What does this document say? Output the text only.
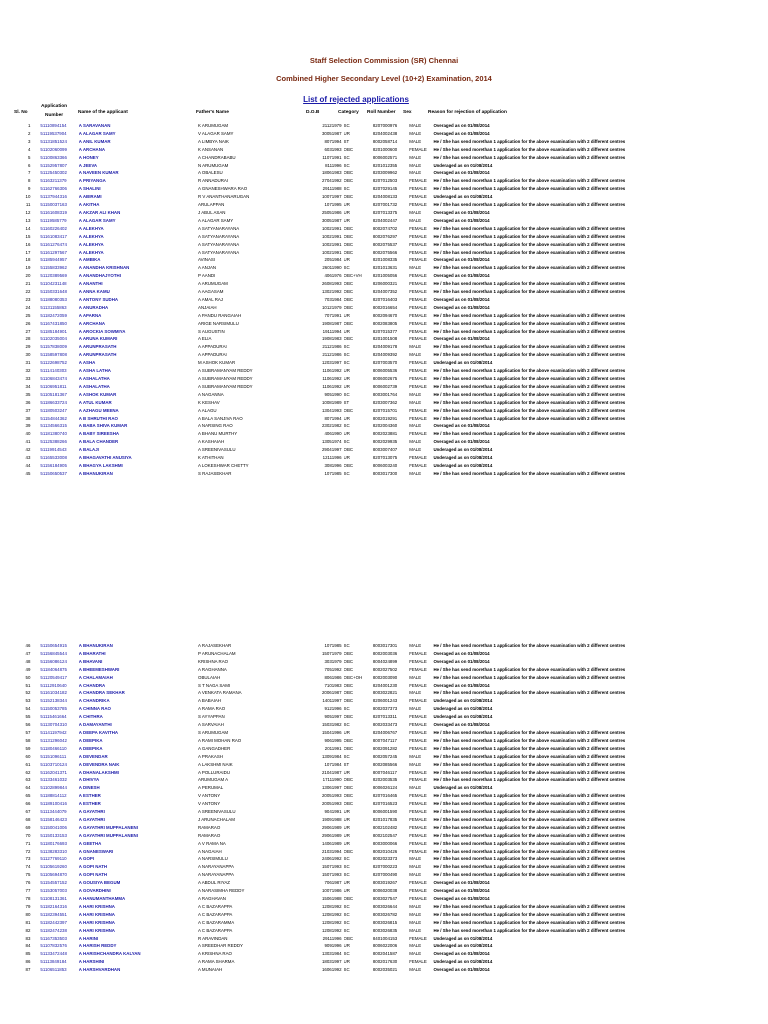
Staff Selection Commission (SR) Chennai
Combined Higher Secondary Level (10+2) Examination, 2014
List of rejected applications
Sl. No
Application
Number
Name of the applicant	Father's Name	D.O.B	Category Roll Number Sex	Reason for rejection of application
1	51110894154	A SARAVANAN	K ARUMUGAM	21121979	SC	8207000976	MALE	Overaged as on 01/08/2014
2	51119537904	A ALAGAR SAMY	V ALAGAR SAMY	30051987	UR	8204002438	MALE	Overaged as on 01/08/2014
3	51131851524	A ANIL KUMAR	A LIMBYA NAIK	8071994	ST	8002058714	MALE	He / She has send morethan 1 application for the above examination with 2 different centres
4	51102060099	A ARCHANA	K ANSANAN	6031993	OBC	8201000600	FEMALE	He / She has send morethan 1 application for the above examination with 2 different centres
5	51100863366	A HONEY	A CHANDRABABU	11071991	SC	8006002571	MALE	He / She has send morethan 1 application for the above examination with 2 different centres
6	51152957807	A JEEVA	N ARUMUGAM	8111996	SC	8201012355	MALE	Underaged as on 01/08/2014
7	51125450302	A NAVEEN KUMAR	A OBALESU	18061983	OBC	8203009962	MALE	Overaged as on 01/08/2014
8	51163211379	A PRIYANGA	R ANNADURAI	27041992	OBC	8207012503	FEMALE	He / She has send morethan 1 application for the above examination with 2 different centres
9	51162766306	A SHALINI	A GNANESHWARA RAO	29111988	SC	8207029145	FEMALE	He / She has send morethan 1 application for the above examination with 2 different centres
10	51137944316	A ABIRAMI	R V ANANTHANARUGAN	10071997	OBC	8204008133	FEMALE	Underaged as on 01/08/2014
11	51150037163	A AKITHA	ARULAPPAN	1071995	UR	8207001732	FEMALE	He / She has send morethan 1 application for the above examination with 2 different centres
12	51161608319	A AKZAR ALI KHAN	J ABUL ASAN	25051986	UR	8207013375	MALE	Overaged as on 01/08/2014
13	51119585779	A ALAGAR SAMY	A ALAGAR SAMY	30051987	UR	8204002447	MALE	Overaged as on 01/08/2014
14	51160226402	A ALEKHYA	A SATYANARAYANA	10021991	OBC	8002074702	FEMALE	He / She has send morethan 1 application for the above examination with 2 different centres
15	51161083417	A ALEKHYA	A SATYANARAYANA	10021991	OBC	8002076297	FEMALE	He / She has send morethan 1 application for the above examination with 2 different centres
16	51161276474	A ALEKHYA	A SATYANARAYANA	10021991	OBC	8002075537	FEMALE	He / She has send morethan 1 application for the above examination with 2 different centres
17	51161297567	A ALEKHYA	A SATYANARAYANA	10021991	OBC	8002075566	FEMALE	He / She has send morethan 1 application for the above examination with 2 different centres
18	51185944957	A AMBIKA	AVINASI	2051984	UR	8201008335	FEMALE	Overaged as on 01/08/2014
19	51155833962	A ANANDHA KRISHNAN	A ANJAN	26011990	SC	8201013631	MALE	He / She has send morethan 1 application for the above examination with 2 different centres
20	51120389569	A ANANDHAJYOTHI	P AANDI	4061976	OBC+VH	8201005056	FEMALE	Overaged as on 01/08/2014
21	51104231148	A ANANTHI	A ARUMUGAM	26081993	OBC	8206000321	FEMALE	He / She has send morethan 1 application for the above examination with 2 different centres
22	51150331648	A ANNA KAMU	A AAGASAM	13021992	OBC	8204007352	FEMALE	He / She has send morethan 1 application for the above examination with 2 different centres
23	51188080353	A ANTONY SUDHA	A AMAL RAJ	7031984	OBC	8207016403	FEMALE	Overaged as on 01/08/2014
24	51131155863	A ANURADHA	ANJAIAH	10121979	OBC	8002016654	FEMALE	Overaged as on 01/08/2014
25	51182472059	A APARNA	A PANDU RANGAIAH	7071991	UR	8002094670	FEMALE	He / She has send morethan 1 application for the above examination with 2 different centres
26	51167431850	A ARCHANA	ARIGE NARSIMULU	19081987	OBC	8002083805	FEMALE	He / She has send morethan 1 application for the above examination with 2 different centres
27	51185184901	A AROCKIA SOWMIYA	S AUGUSTIN	19111994	UR	8207015377	FEMALE	He / She has send morethan 1 application for the above examination with 2 different centres
28	51102035004	A ARUNA KUMARI	A ELIA	19081983	OBC	8201001508	FEMALE	Overaged as on 01/08/2014
29	51157838009	A ARUNPRASATH	A APPADURAI	21121986	SC	8204009178	MALE	He / She has send morethan 1 application for the above examination with 2 different centres
30	51158597808	A ARUNPRASATH	A APPADURAI	21121986	SC	8204009392	MALE	He / She has send morethan 1 application for the above examination with 2 different centres
31	51122698752	A ASHA	M ASHOK KUMAR	12031997	SC	8207003570	FEMALE	Underaged as on 01/08/2014
32	51114140303	A ASHA LATHA	A SUBRAMANYAM REDDY	11061992	UR	8006005536	FEMALE	He / She has send morethan 1 application for the above examination with 2 different centres
33	51106843474	A ASHALATHA	A SUBRAMANYAM REDDY	11061992	UR	8006002675	FEMALE	He / She has send morethan 1 application for the above examination with 2 different centres
34	51106951811	A ASHALATHA	A SUBRAMANYAM REDDY	11061992	UR	8006002739	FEMALE	He / She has send morethan 1 application for the above examination with 2 different centres
35	51105181367	A ASHOK KUMAR	A NAGANNA	9051990	SC	8003001764	MALE	He / She has send morethan 1 application for the above examination with 2 different centres
36	51186633724	A ATUL KUMAR	K KESHAV	10081989	ST	8203007362	MALE	He / She has send morethan 1 application for the above examination with 2 different centres
37	51180503247	A AZHAGU MEENA	A ALAGU	13041993	OBC	8207015701	FEMALE	He / She has send morethan 1 application for the above examination with 2 different centres
38	51154844362	A B SHRUTHI RAO	A BALA SANJIVA RAO	8071994	UR	8002019291	FEMALE	He / She has send morethan 1 application for the above examination with 2 different centres
39	51134566315	A BABA SHIVA KUMAR	A NARSING RAO	23021982	SC	8202004360	MALE	Overaged as on 01/08/2014
40	51181380740	A BABY SIREESHA	A BHANU MURTHY	4061990	UR	8002023881	FEMALE	He / She has send morethan 1 application for the above examination with 2 different centres
41	51125388266	A BALA CHANDER	A KASHAIAH	13051974	SC	8002029935	MALE	Overaged as on 01/08/2014
42	51119914543	A BALAJI	A SREENIVASULU	29041997	OBC	8003007407	MALE	Underaged as on 01/08/2014
43	51165533008	A BHAGAVATHI ANUSIYA	K ATHITHAN	12111996	UR	8207013075	FEMALE	Underaged as on 01/08/2014
44	51156184905	A BHAGYA LAKSHMI	A LOKESHWAR CHETTY	3081996	OBC	8006003240	FEMALE	Underaged as on 01/08/2014
45	51150650537	A BHANUKIRAN	S RAJASEKHAR	1071985	SC	8003017300	MALE	He / She has send morethan 1 application for the above examination with 2 different centres
46	51150654915	A BHANUKIRAN	A RAJASEKHAR	1071985	SC	8003017301	MALE	He / She has send morethan 1 application for the above examination with 2 different centres
47	51156845544	A BHARATHI	P ARUNACHALAM	15071979	OBC	8002003036	FEMALE	Overaged as on 01/08/2014
48	51156086124	A BHAVANI	KRISHNA RAO	3031979	OBC	8004024899	FEMALE	Overaged as on 01/08/2014
49	51184064875	A BHEEMESHWARI	A RAGHANNA	7051992	OBC	8002027502	FEMALE	He / She has send morethan 1 application for the above examination with 2 different centres
50	51120549417	A CHALAMAIAH	OBULAIAH	8061986	OBC+OH	8002003090	MALE	He / She has send morethan 1 application for the above examination with 2 different centres
51	51112910640	A CHANDRA	S T NAGA SAMI	7101983	OBC	8204001230	FEMALE	Overaged as on 01/08/2014
52	51161034182	A CHANDRA SEKHAR	A VENKATA RAMANA	20061987	OBC	8003022821	MALE	He / She has send morethan 1 application for the above examination with 2 different centres
53	51152138344	A CHANDRIKA	A BABAIAH	14011997	OBC	8206001243	FEMALE	Underaged as on 01/08/2014
54	51150053785	A CHINNA RAO	A RAMA RAO	9121996	SC	8002037373	MALE	Underaged as on 01/08/2014
55	51115461664	A CHITHRA	S AYYAPPAN	9051997	OBC	8207013311	FEMALE	Underaged as on 01/08/2014
56	51130704310	A DAMAYANTHI	A SARVAIAH	15031982	SC	8002033473	FEMALE	Overaged as on 01/08/2014
57	51141197942	A DEEPA KAVITHA	S ARUMUGAM	15041996	UR	8204006767	FEMALE	He / She has send morethan 1 application for the above examination with 2 different centres
58	51131296042	A DEEPIKA	A RAMI MOHAN RAO	9061995	OBC	8007047117	FEMALE	He / She has send morethan 1 application for the above examination with 2 different centres
59	51180466110	A DEEPIKA	A GANGADHER	2011991	OBC	8002091282	FEMALE	He / She has send morethan 1 application for the above examination with 2 different centres
60	51151096111	A DEVENDAR	A PRAKASH	13091984	SC	8002057245	MALE	He / She has send morethan 1 application for the above examination with 2 different centres
61	51103710124	A DEVENDRA NAIK	A LAKSHMI NAIK	1071984	ST	8002085566	MALE	He / She has send morethan 1 application for the above examination with 2 different centres
62	51162041371	A DHANALAKSHMI	A POLLURAIDU	21041987	UR	8007046117	FEMALE	He / She has send morethan 1 application for the above examination with 2 different centres
63	51133461032	A DHIVYA	ARUMUGAM A	17111990	OBC	8202003535	FEMALE	He / She has send morethan 1 application for the above examination with 2 different centres
64	51102899844	A DINESH	A PERUMAL	13061997	OBC	8006026124	MALE	Underaged as on 01/08/2014
65	51188814112	A ESTHER	V ANTONY	20051993	OBC	8207016465	FEMALE	He / She has send morethan 1 application for the above examination with 2 different centres
66	51189100416	A ESTHER	V ANTONY	20051993	OBC	8207016523	FEMALE	He / She has send morethan 1 application for the above examination with 2 different centres
67	51113444079	A GAYATHRI	A SREENIVASULU	9041991	UR	8006001590	FEMALE	He / She has send morethan 1 application for the above examination with 2 different centres
68	51158146423	A GAYATHRI	J ARUNACHALAM	19091988	UR	8201017835	FEMALE	He / She has send morethan 1 application for the above examination with 2 different centres
69	51150041006	A GAYATHRI MUPPALANENI	RAMARAO	29061989	UR	8002102482	FEMALE	He / She has send morethan 1 application for the above examination with 2 different centres
70	51150133153	A GAYATHRI MUPPALANENI	RAMARAO	29061989	UR	8002102547	FEMALE	He / She has send morethan 1 application for the above examination with 2 different centres
71	51180176693	A GEETHA	A V RAMA NA	14061989	UR	8003000066	FEMALE	He / She has send morethan 1 application for the above examination with 2 different centres
72	51138283310	A GNANESWARI	A NAGAIAH	21031994	OBC	8002010426	FEMALE	He / She has send morethan 1 application for the above examination with 2 different centres
73	51127769110	A GOPI	A NARSIMULU	24061992	SC	8002023373	MALE	He / She has send morethan 1 application for the above examination with 2 different centres
74	51105619260	A GOPI NATH	A NARAYANAPPA	15071993	SC	8207000223	MALE	He / She has send morethan 1 application for the above examination with 2 different centres
75	51105694870	A GOPI NATH	A NARAYANAPPA	15071993	SC	8207000490	MALE	He / She has send morethan 1 application for the above examination with 2 different centres
76	51154557152	A GOUSIYA BEGUM	A ABDUL RIYAZ	7061987	UR	8003019267	FEMALE	Overaged as on 01/08/2014
77	51153057003	A GOVARDHINI	A NARASIMHA REDDY	10071986	UR	8006020038	FEMALE	Overaged as on 01/08/2014
78	51108131361	A HANUMANTHAMMA	A RAGHAVAN	15061988	OBC	8003027547	FEMALE	Overaged as on 01/08/2014
79	51182164316	A HARI KRISHNA	A C BAZARAPPA	12081992	SC	8003026644	MALE	He / She has send morethan 1 application for the above examination with 2 different centres
80	51182394551	A HARI KRISHNA	A C BAZARAPPA	12081992	SC	8003026782	MALE	He / She has send morethan 1 application for the above examination with 2 different centres
81	51182442397	A HARI KRISHNA	A C BAZARAMMA	12081992	SC	8003026815	MALE	He / She has send morethan 1 application for the above examination with 2 different centres
82	51182474238	A HARI KRISHNA	A C BAZARAPPA	12081992	SC	8003026835	MALE	He / She has send morethan 1 application for the above examination with 2 different centres
83	51167353503	A HARINI	R ARAVINDAN	29111996	OBC	8401004153	FEMALE	Underaged as on 01/08/2014
84	51107832576	A HARISH REDDY	A SREEDHAR REDDY	9091996	UR	8006022006	MALE	Underaged as on 01/08/2014
85	51133472448	A HARISHCHANDRA KALYAN	A KRISHNA RAO	13031984	SC	8002041587	MALE	Overaged as on 01/08/2014
86	51113849184	A HARSHINI	A RAMA SHARMA	18031997	UR	8002017630	FEMALE	Underaged as on 01/08/2014
87	51106511853	A HARSHVARDHAN	A MUNAIAH	16061992	SC	8002035021	MALE	Overaged as on 01/08/2014
